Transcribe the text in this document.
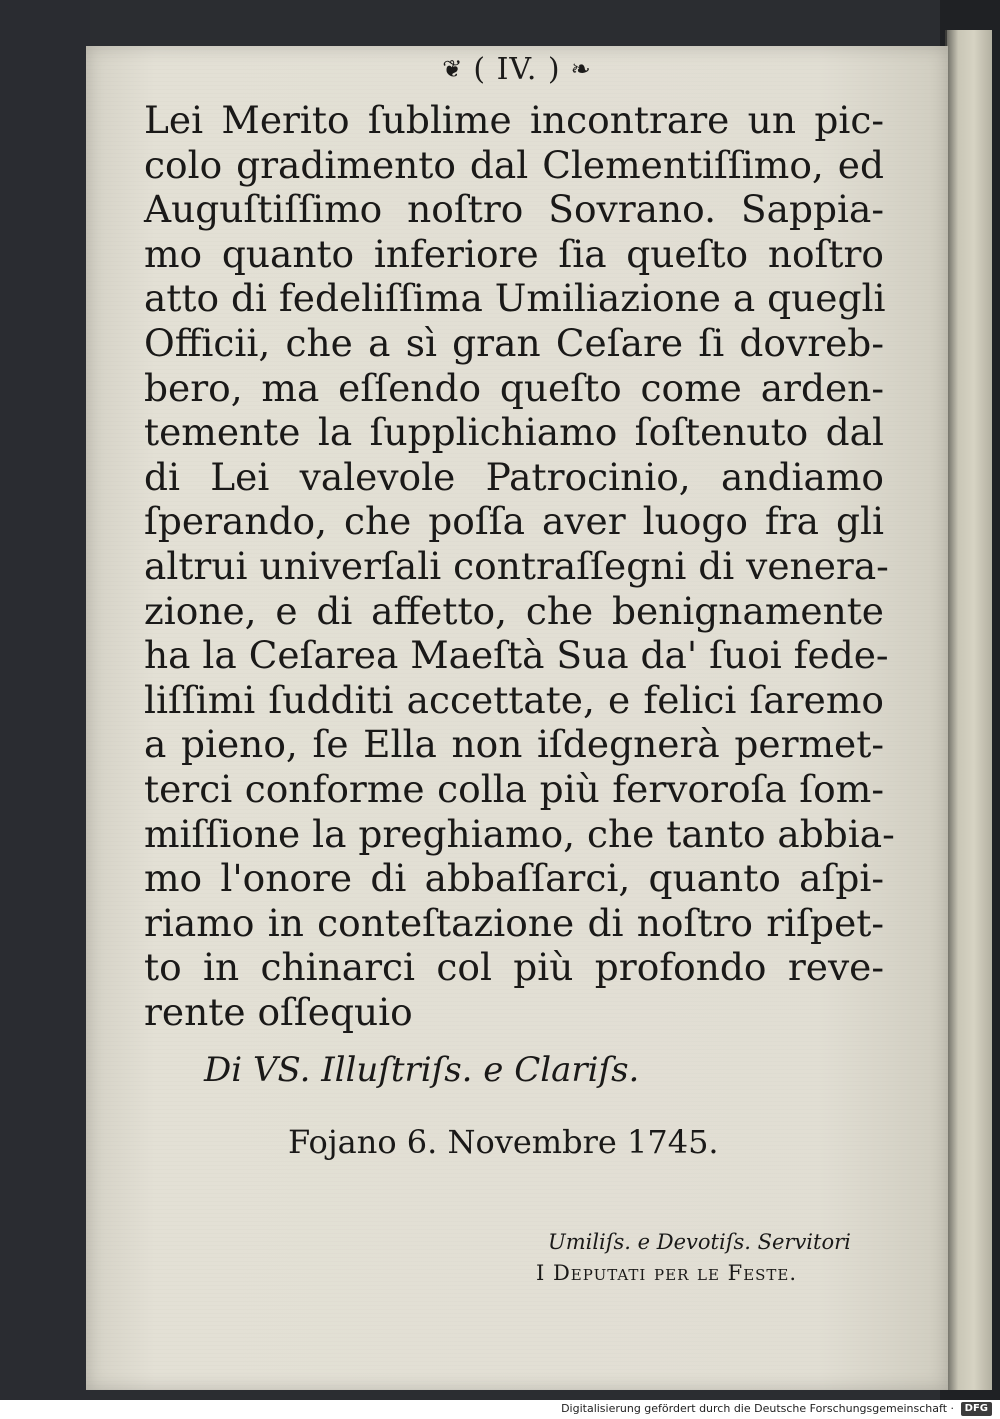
❦ ( IV. ) ❧
Lei Merito ſublime incontrare un pic-
colo gradimento dal Clementiſſimo, ed
Auguſtiſſimo noſtro Sovrano. Sappia-
mo quanto inferiore ſia queſto noſtro
atto di fedeliſſima Umiliazione a quegli
Officii, che a sì gran Ceſare ſi dovreb-
bero, ma eſſendo queſto come arden-
temente la ſupplichiamo ſoſtenuto dal
di Lei valevole Patrocinio, andiamo
ſperando, che poſſa aver luogo fra gli
altrui univerſali contraſſegni di venera-
zione, e di affetto, che benignamente
ha la Ceſarea Maeſtà Sua da' ſuoi fede-
liſſimi ſudditi accettate, e felici ſaremo
a pieno, ſe Ella non iſdegnerà permet-
terci conforme colla più fervoroſa ſom-
miſſione la preghiamo, che tanto abbia-
mo l'onore di abbaſſarci, quanto aſpi-
riamo in conteſtazione di noſtro riſpet-
to in chinarci col più profondo reve-
rente oſſequio
Di VS. Illuſtriſs. e Clariſs.
Fojano 6. Novembre 1745.
Umiliſs. e Devotiſs. Servitori
I Deputati per le Feste.
Digitalisierung gefördert durch die Deutsche Forschungsgemeinschaft ·	DFG
